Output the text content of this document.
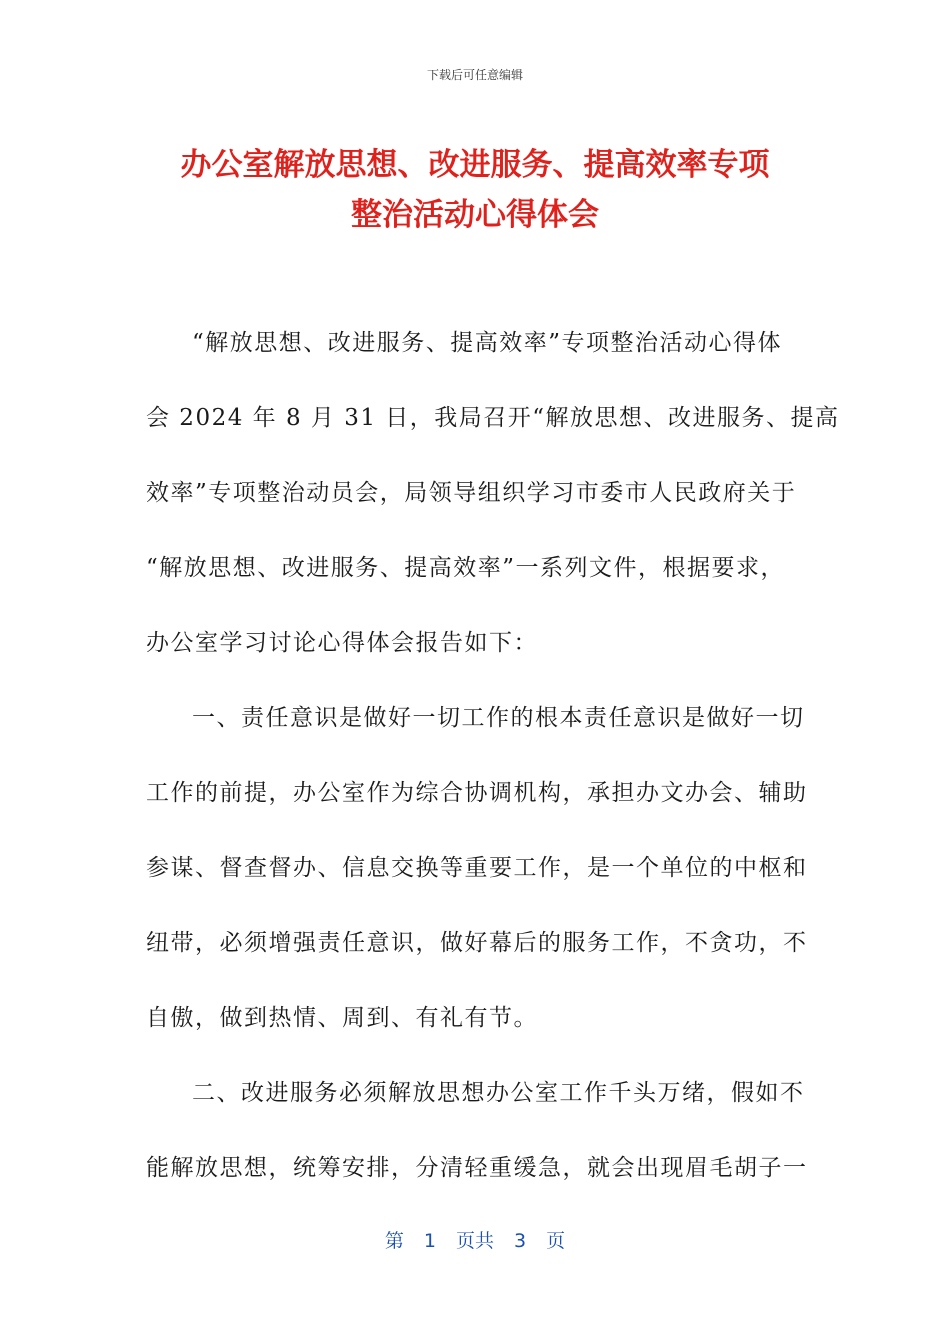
下载后可任意编辑
办公室解放思想、改进服务、提高效率专项
整治活动心得体会
“解放思想、改进服务、提高效率”专项整治活动心得体
会 2024 年 8 月 31 日，我局召开“解放思想、改进服务、提高
效率”专项整治动员会，局领导组织学习市委市人民政府关于
“解放思想、改进服务、提高效率”一系列文件，根据要求，
办公室学习讨论心得体会报告如下：
一、责任意识是做好一切工作的根本责任意识是做好一切
工作的前提，办公室作为综合协调机构，承担办文办会、辅助
参谋、督查督办、信息交换等重要工作，是一个单位的中枢和
纽带，必须增强责任意识，做好幕后的服务工作，不贪功，不
自傲，做到热情、周到、有礼有节。
二、改进服务必须解放思想办公室工作千头万绪，假如不
能解放思想，统筹安排，分清轻重缓急，就会出现眉毛胡子一
第 1 页共 3 页
